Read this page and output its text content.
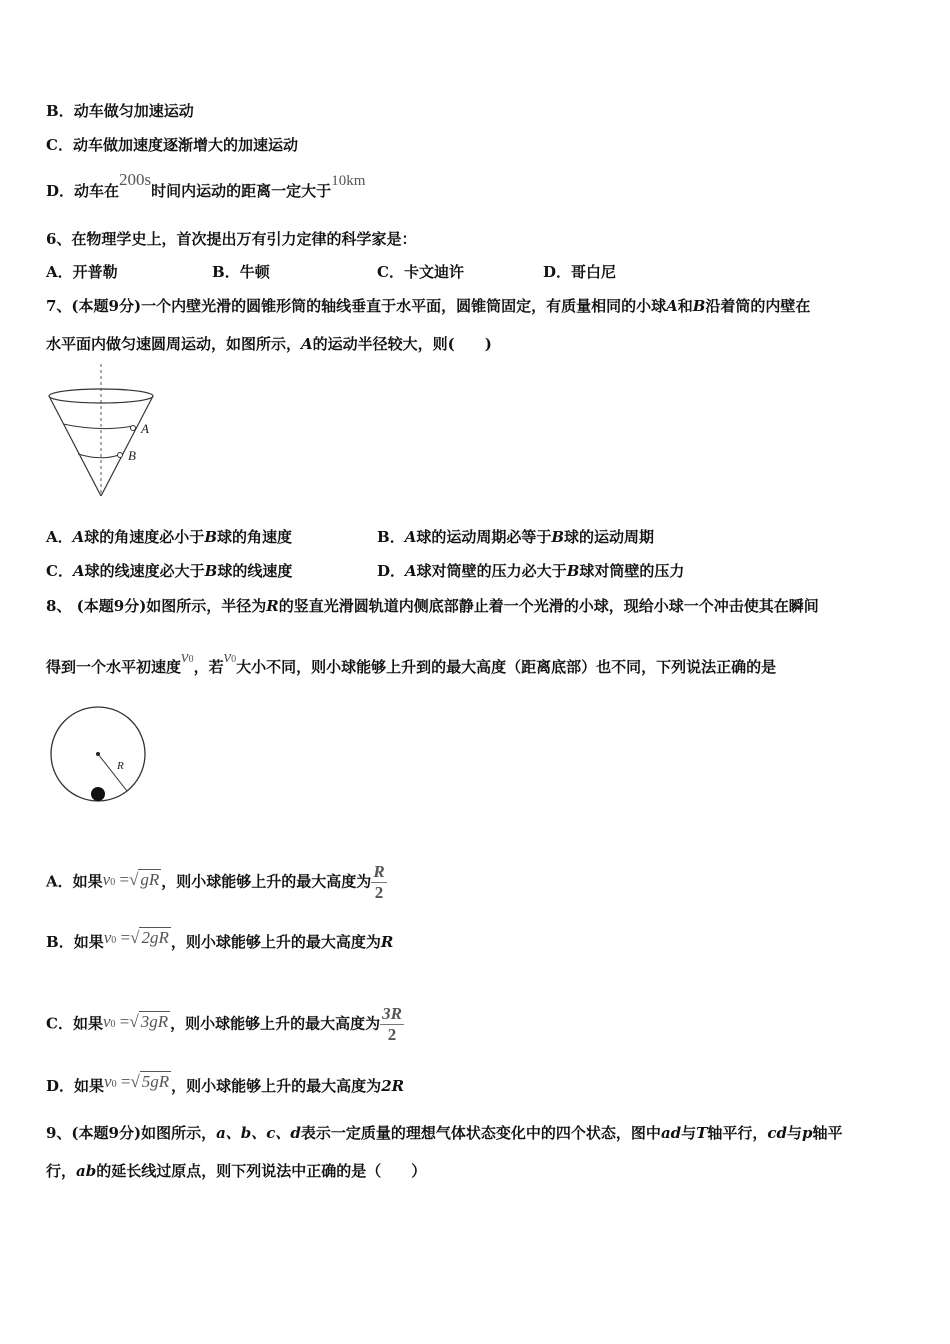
B．动车做匀加速运动
C．动车做加速度逐渐增大的加速运动
D．动车在200s时间内运动的距离一定大于10km
6、在物理学史上，首次提出万有引力定律的科学家是：
A．开普勒	B．牛顿	C．卡文迪许	D．哥白尼
7、(本题9分)一个内壁光滑的圆锥形筒的轴线垂直于水平面，圆锥筒固定，有质量相同的小球A和B沿着筒的内壁在
水平面内做匀速圆周运动，如图所示，A的运动半径较大，则(　　)
A
B
A．A球的角速度必小于B球的角速度	B．A球的运动周期必等于B球的运动周期
C．A球的线速度必大于B球的线速度	D．A球对筒壁的压力必大于B球对筒壁的压力
8、 (本题9分)如图所示，半径为R的竖直光滑圆轨道内侧底部静止着一个光滑的小球，现给小球一个冲击使其在瞬间
得到一个水平初速度v0，若v0大小不同，则小球能够上升到的最大高度（距离底部）也不同，下列说法正确的是
R
A．如果v0 =√ gR ，则小球能够上升的最大高度为 $\frac{R}{2}$
B．如果v0 =√ 2gR ，则小球能够上升的最大高度为R
C．如果v0 =√ 3gR ，则小球能够上升的最大高度为 $\frac{3R}{2}$
D．如果v0 =√ 5gR ，则小球能够上升的最大高度为2R
9、(本题9分)如图所示，a、b、c、d表示一定质量的理想气体状态变化中的四个状态，图中ad与T轴平行，cd与p轴平
行，ab的延长线过原点，则下列说法中正确的是（　　）
